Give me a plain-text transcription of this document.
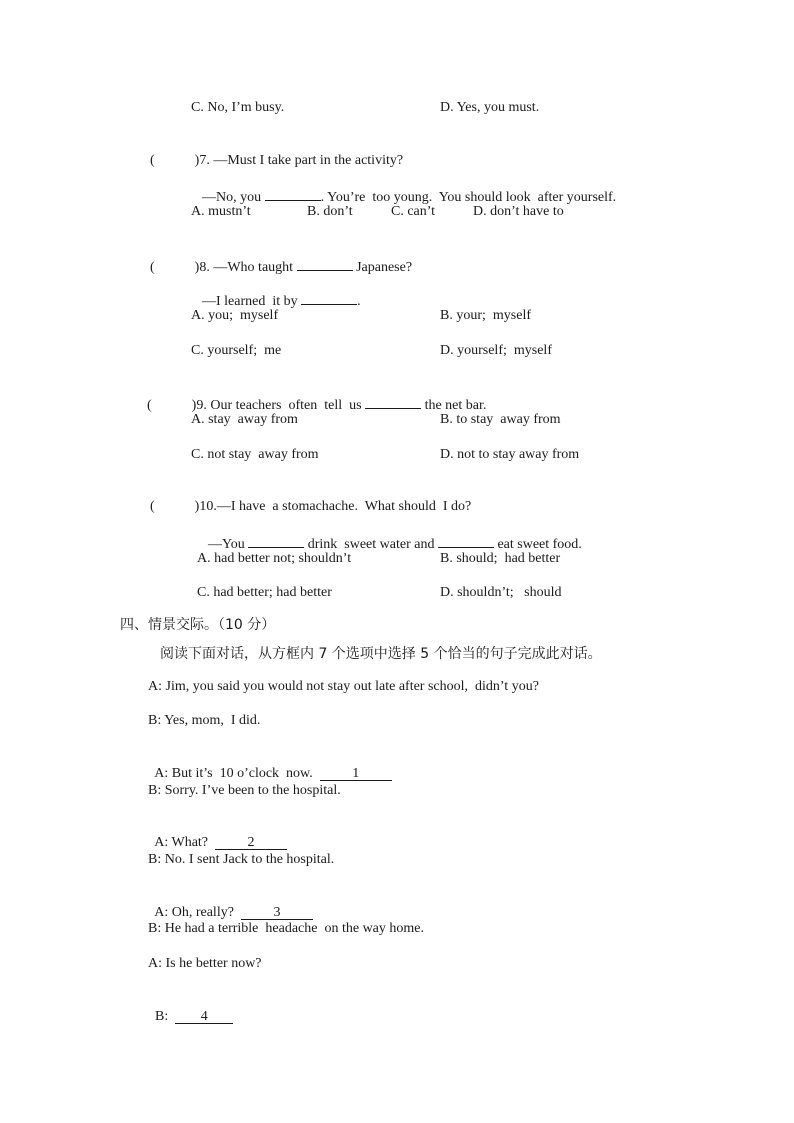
C. No, I’m busy.	D. Yes, you must.

(	)7. —Must I take part in the activity?

—No, you	. You’re  too young.  You should look  after yourself.

A. mustn’t	B. don’t	C. can’t	D. don’t have to

(	)8. —Who taught	Japanese?

—I learned  it by	.

A. you;  myself	B. your;  myself
C. yourself;  me	D. yourself;  myself

(	)9. Our teachers  often  tell  us	the net bar.

A. stay  away from	B. to stay  away from
C. not stay  away from	D. not to stay away from

(	)10.—I have  a stomachache.  What should  I do?

—You	drink  sweet water and	eat sweet food.

A. had better not; shouldn’t	B. should;  had better
C. had better; had better	D. shouldn’t;   should
四、情景交际。（10 分）
阅读下面对话，从方框内 7 个选项中选择 5 个恰当的句子完成此对话。
A: Jim, you said you would not stay out late after school,  didn’t you?
B: Yes, mom,  I did.

A: But it’s  10 o’clock  now.	1

B: Sorry. I’ve been to the hospital.

A: What?	2

B: No. I sent Jack to the hospital.

A: Oh, really?	3

B: He had a terrible  headache  on the way home.
A: Is he better now?

B: 4
